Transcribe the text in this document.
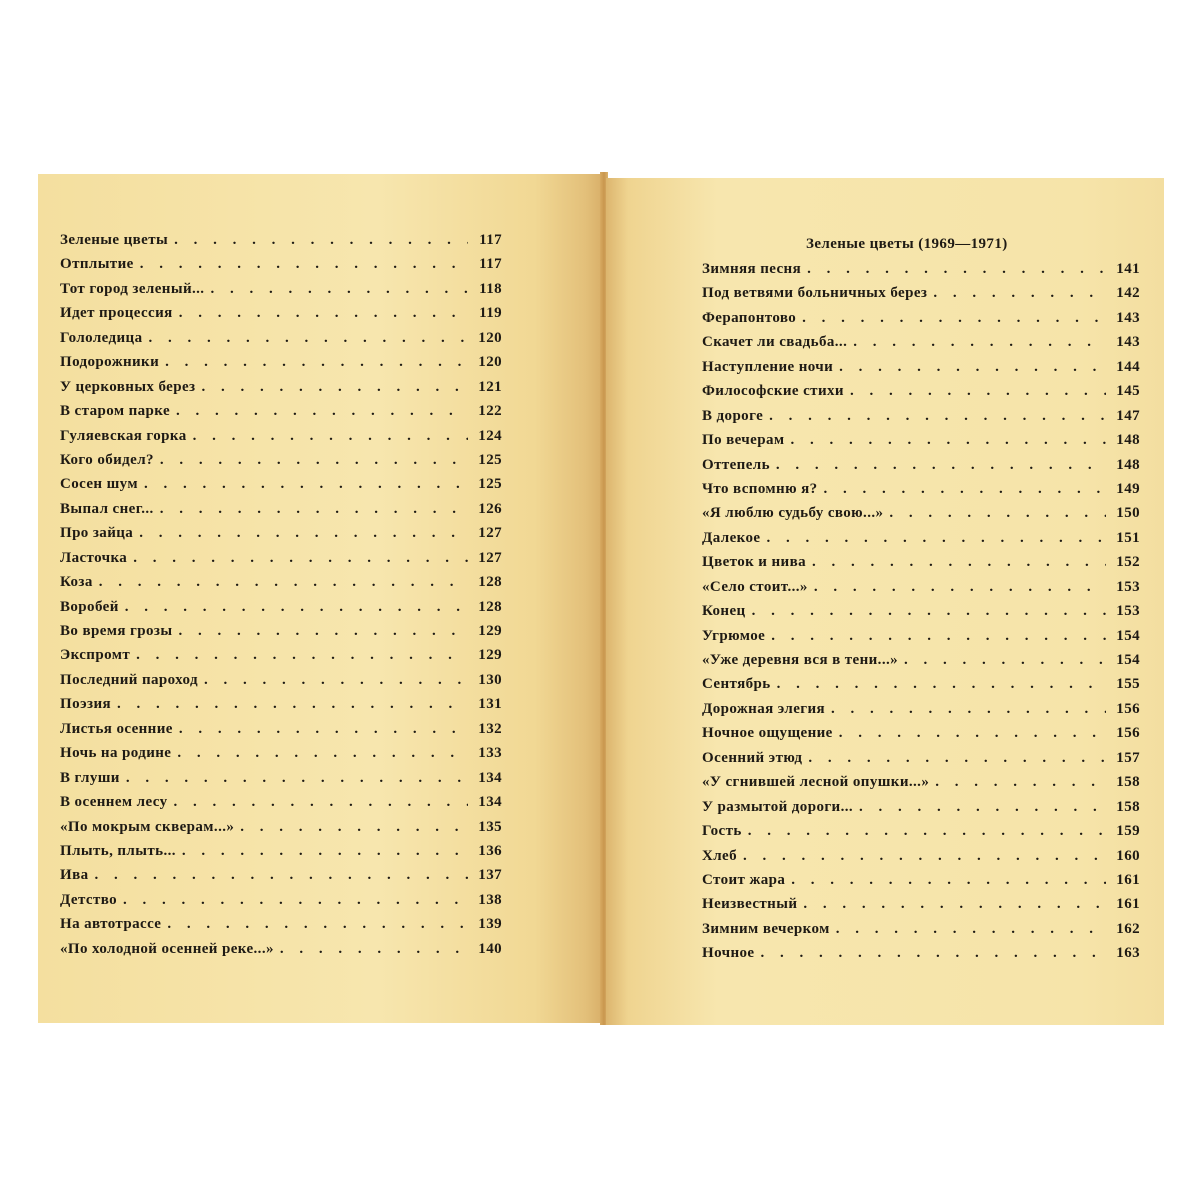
Зеленые цветы . . .	117
Отплытие . . .	117
Тот город зеленый... . . .	118
Идет процессия . . .	119
Гололедица . . .	120
Подорожники . . .	120
У церковных берез . . .	121
В старом парке . . .	122
Гуляевская горка . . .	124
Кого обидел? . . .	125
Сосен шум . . .	125
Выпал снег... . . .	126
Про зайца . . .	127
Ласточка . . .	127
Коза . . .	128
Воробей . . .	128
Во время грозы . . .	129
Экспромт . . .	129
Последний пароход . . .	130
Поэзия . . .	131
Листья осенние . . .	132
Ночь на родине . . .	133
В глуши . . .	134
В осеннем лесу . . .	134
«По мокрым скверам...» . . .	135
Плыть, плыть... . . .	136
Ива . . .	137
Детство . . .	138
На автотрассе . . .	139
«По холодной осенней реке...» . . .	140
Зеленые цветы (1969—1971)
Зимняя песня . . .	141
Под ветвями больничных берез . . .	142
Ферапонтово . . .	143
Скачет ли свадьба... . . .	143
Наступление ночи . . .	144
Философские стихи . . .	145
В дороге . . .	147
По вечерам . . .	148
Оттепель . . .	148
Что вспомню я? . . .	149
«Я люблю судьбу свою...» . . .	150
Далекое . . .	151
Цветок и нива . . .	152
«Село стоит...» . . .	153
Конец . . .	153
Угрюмое . . .	154
«Уже деревня вся в тени...» . . .	154
Сентябрь . . .	155
Дорожная элегия . . .	156
Ночное ощущение . . .	156
Осенний этюд . . .	157
«У сгнившей лесной опушки...» . . .	158
У размытой дороги... . . .	158
Гость . . .	159
Хлеб . . .	160
Стоит жара . . .	161
Неизвестный . . .	161
Зимним вечерком . . .	162
Ночное . . .	163
